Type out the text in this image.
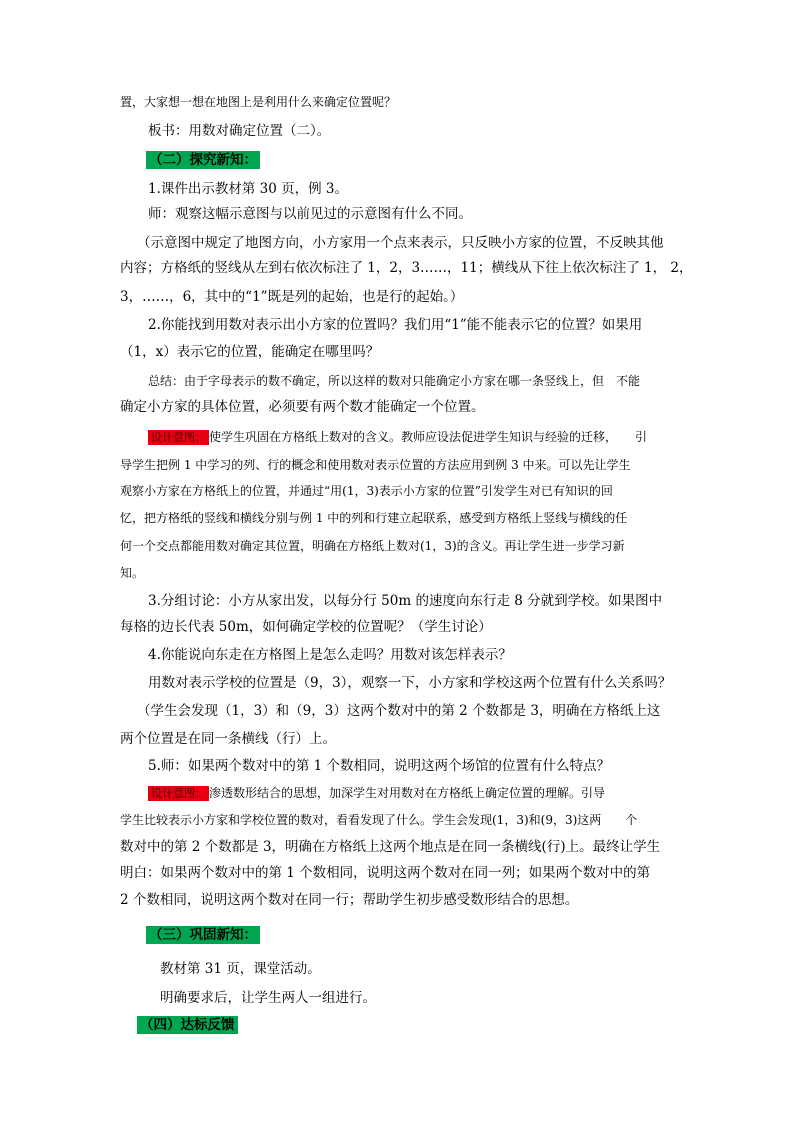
置，大家想一想在地图上是利用什么来确定位置呢？
板书：用数对确定位置（二）。
（二）探究新知：
1.课件出示教材第 30 页，例 3。
师：观察这幅示意图与以前见过的示意图有什么不同。
（示意图中规定了地图方向，小方家用一个点来表示，只反映小方家的位置，不反映其他
内容；方格纸的竖线从左到右依次标注了 1，2，3……，11；横线从下往上依次标注了 1， 2，
3，……，6，其中的“1”既是列的起始，也是行的起始。）
2.你能找到用数对表示出小方家的位置吗？我们用“1”能不能表示它的位置？如果用
（1，x）表示它的位置，能确定在哪里吗？
总结：由于字母表示的数不确定，所以这样的数对只能确定小方家在哪一条竖线上，但　不能
确定小方家的具体位置，必须要有两个数才能确定一个位置。
设计意图： 使学生巩固在方格纸上数对的含义。教师应设法促进学生知识与经验的迁移，　　引
导学生把例 1 中学习的列、行的概念和使用数对表示位置的方法应用到例 3 中来。可以先让学生
观察小方家在方格纸上的位置，并通过“用(1，3)表示小方家的位置”引发学生对已有知识的回
忆，把方格纸的竖线和横线分别与例 1 中的列和行建立起联系，感受到方格纸上竖线与横线的任
何一个交点都能用数对确定其位置，明确在方格纸上数对(1，3)的含义。再让学生进一步学习新
知。
3.分组讨论：小方从家出发，以每分行 50m 的速度向东行走 8 分就到学校。如果图中
每格的边长代表 50m，如何确定学校的位置呢？（学生讨论）
4.你能说向东走在方格图上是怎么走吗？用数对该怎样表示？
用数对表示学校的位置是（9，3），观察一下，小方家和学校这两个位置有什么关系吗？
（学生会发现（1，3）和（9，3）这两个数对中的第 2 个数都是 3，明确在方格纸上这
两个位置是在同一条横线（行）上。
5.师：如果两个数对中的第 1 个数相同，说明这两个场馆的位置有什么特点？
设计意图： 渗透数形结合的思想，加深学生对用数对在方格纸上确定位置的理解。引导
学生比较表示小方家和学校位置的数对，看看发现了什么。学生会发现(1，3)和(9，3)这两　　个
数对中的第 2 个数都是 3，明确在方格纸上这两个地点是在同一条横线(行)上。最终让学生
明白：如果两个数对中的第 1 个数相同，说明这两个数对在同一列；如果两个数对中的第
2 个数相同，说明这两个数对在同一行；帮助学生初步感受数形结合的思想。
（三）巩固新知：
教材第 31 页，课堂活动。
明确要求后，让学生两人一组进行。
（四）达标反馈
